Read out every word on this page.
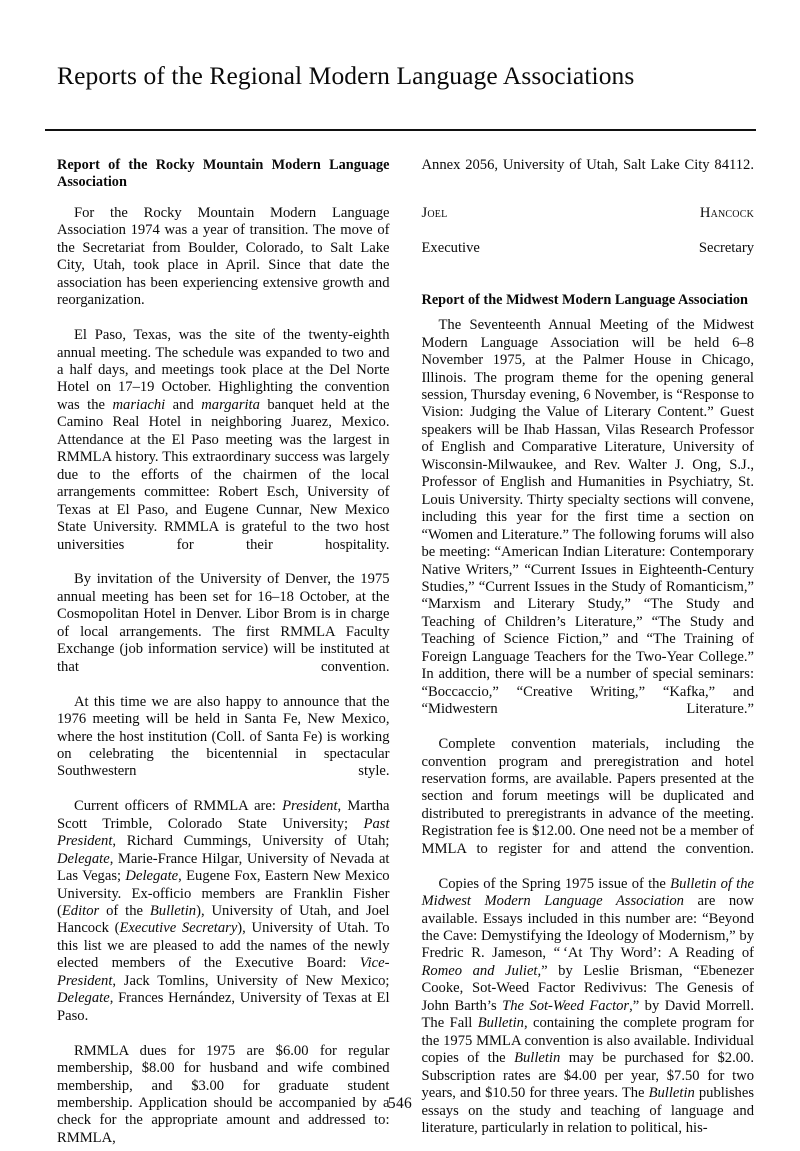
Reports of the Regional Modern Language Associations
Report of the Rocky Mountain Modern Language Association

For the Rocky Mountain Modern Language Association 1974 was a year of transition. The move of the Secretariat from Boulder, Colorado, to Salt Lake City, Utah, took place in April. Since that date the association has been experiencing extensive growth and reorganization.

El Paso, Texas, was the site of the twenty-eighth annual meeting. The schedule was expanded to two and a half days, and meetings took place at the Del Norte Hotel on 17–19 October. Highlighting the convention was the mariachi and margarita banquet held at the Camino Real Hotel in neighboring Juarez, Mexico. Attendance at the El Paso meeting was the largest in RMMLA history. This extraordinary success was largely due to the efforts of the chairmen of the local arrangements committee: Robert Esch, University of Texas at El Paso, and Eugene Cunnar, New Mexico State University. RMMLA is grateful to the two host universities for their hospitality.

By invitation of the University of Denver, the 1975 annual meeting has been set for 16–18 October, at the Cosmopolitan Hotel in Denver. Libor Brom is in charge of local arrangements. The first RMMLA Faculty Exchange (job information service) will be instituted at that convention.

At this time we are also happy to announce that the 1976 meeting will be held in Santa Fe, New Mexico, where the host institution (Coll. of Santa Fe) is working on celebrating the bicentennial in spectacular Southwestern style.

Current officers of RMMLA are: President, Martha Scott Trimble, Colorado State University; Past President, Richard Cummings, University of Utah; Delegate, Marie-France Hilgar, University of Nevada at Las Vegas; Delegate, Eugene Fox, Eastern New Mexico University. Ex-officio members are Franklin Fisher (Editor of the Bulletin), University of Utah, and Joel Hancock (Executive Secretary), University of Utah. To this list we are pleased to add the names of the newly elected members of the Executive Board: Vice-President, Jack Tomlins, University of New Mexico; Delegate, Frances Hernández, University of Texas at El Paso.

RMMLA dues for 1975 are $6.00 for regular membership, $8.00 for husband and wife combined membership, and $3.00 for graduate student membership. Application should be accompanied by a check for the appropriate amount and addressed to: RMMLA,

Annex 2056, University of Utah, Salt Lake City 84112.

Joel Hancock

Executive Secretary

Report of the Midwest Modern Language Association

The Seventeenth Annual Meeting of the Midwest Modern Language Association will be held 6–8 November 1975, at the Palmer House in Chicago, Illinois. The program theme for the opening general session, Thursday evening, 6 November, is “Response to Vision: Judging the Value of Literary Content.” Guest speakers will be Ihab Hassan, Vilas Research Professor of English and Comparative Literature, University of Wisconsin-Milwaukee, and Rev. Walter J. Ong, S.J., Professor of English and Humanities in Psychiatry, St. Louis University. Thirty specialty sections will convene, including this year for the first time a section on “Women and Literature.” The following forums will also be meeting: “American Indian Literature: Contemporary Native Writers,” “Current Issues in Eighteenth-Century Studies,” “Current Issues in the Study of Romanticism,” “Marxism and Literary Study,” “The Study and Teaching of Children’s Literature,” “The Study and Teaching of Science Fiction,” and “The Training of Foreign Language Teachers for the Two-Year College.” In addition, there will be a number of special seminars: “Boccaccio,” “Creative Writing,” “Kafka,” and “Midwestern Literature.”

Complete convention materials, including the convention program and preregistration and hotel reservation forms, are available. Papers presented at the section and forum meetings will be duplicated and distributed to preregistrants in advance of the meeting. Registration fee is $12.00. One need not be a member of MMLA to register for and attend the convention.

Copies of the Spring 1975 issue of the Bulletin of the Midwest Modern Language Association are now available. Essays included in this number are: “Beyond the Cave: Demystifying the Ideology of Modernism,” by Fredric R. Jameson, “ ‘At Thy Word’: A Reading of Romeo and Juliet,” by Leslie Brisman, “Ebenezer Cooke, Sot-Weed Factor Redivivus: The Genesis of John Barth’s The Sot-Weed Factor,” by David Morrell. The Fall Bulletin, containing the complete program for the 1975 MMLA convention is also available. Individual copies of the Bulletin may be purchased for $2.00. Subscription rates are $4.00 per year, $7.50 for two years, and $10.50 for three years. The Bulletin publishes essays on the study and teaching of language and literature, particularly in relation to political, his-

546
